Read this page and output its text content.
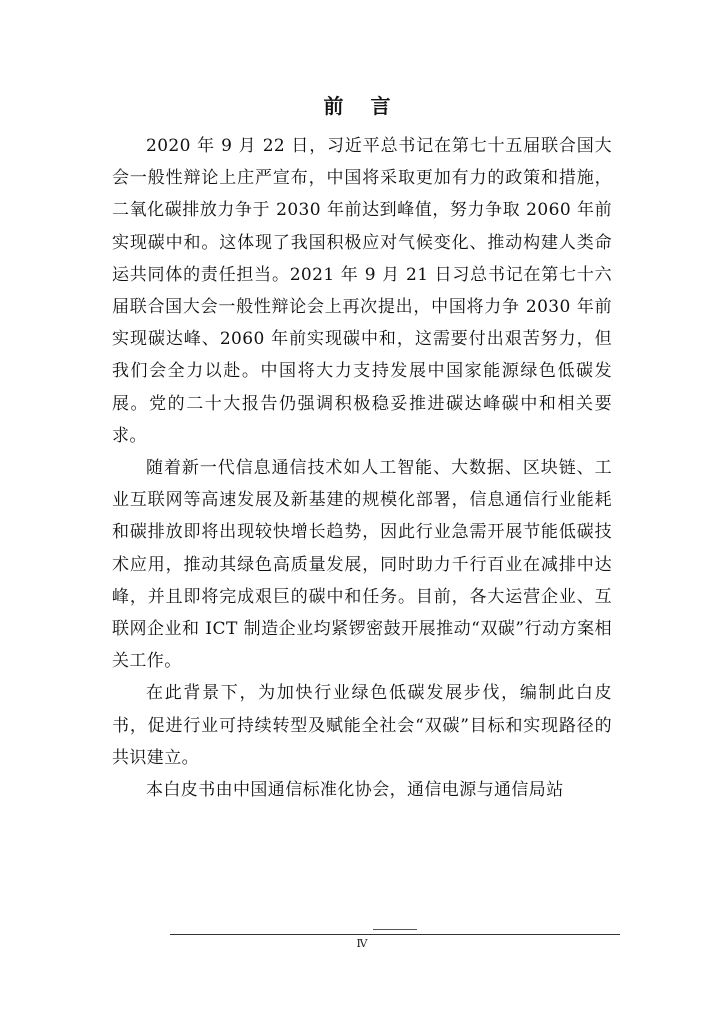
前 言

2020 年 9 月 22 日，习近平总书记在第七十五届联合国大会一般性辩论上庄严宣布，中国将采取更加有力的政策和措施，二氧化碳排放力争于 2030 年前达到峰值，努力争取 2060 年前实现碳中和。这体现了我国积极应对气候变化、推动构建人类命运共同体的责任担当。2021 年 9 月 21 日习总书记在第七十六届联合国大会一般性辩论会上再次提出，中国将力争 2030 年前实现碳达峰、2060 年前实现碳中和，这需要付出艰苦努力，但我们会全力以赴。中国将大力支持发展中国家能源绿色低碳发展。党的二十大报告仍强调积极稳妥推进碳达峰碳中和相关要求。

随着新一代信息通信技术如人工智能、大数据、区块链、工业互联网等高速发展及新基建的规模化部署，信息通信行业能耗和碳排放即将出现较快增长趋势，因此行业急需开展节能低碳技术应用，推动其绿色高质量发展，同时助力千行百业在减排中达峰，并且即将完成艰巨的碳中和任务。目前，各大运营企业、互联网企业和 ICT 制造企业均紧锣密鼓开展推动“双碳”行动方案相关工作。

在此背景下，为加快行业绿色低碳发展步伐，编制此白皮书，促进行业可持续转型及赋能全社会“双碳”目标和实现路径的共识建立。

本白皮书由中国通信标准化协会，通信电源与通信局站

Ⅳ
